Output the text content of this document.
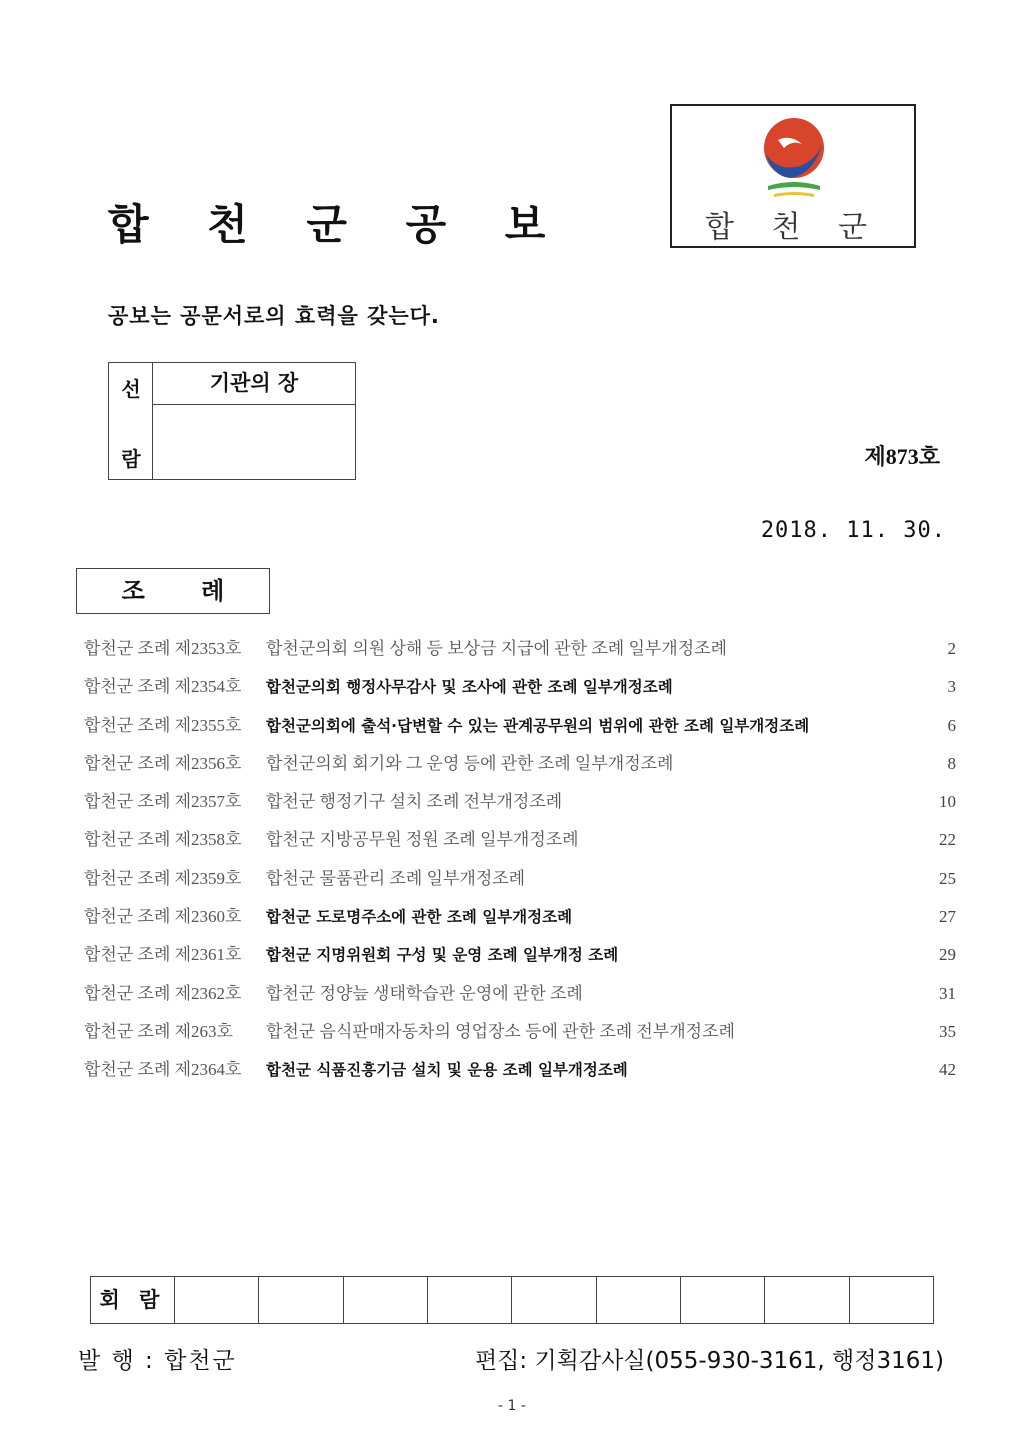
합 천 군 공 보	합 천 군
공보는 공문서로의 효력을 갖는다.
선
람
기관의 장
제873호
2018. 11. 30.
조 례
합천군 조례 제2353호 합천군의회 의원 상해 등 보상금 지급에 관한 조례 일부개정조례	2
합천군 조례 제2354호 합천군의회 행정사무감사 및 조사에 관한 조례 일부개정조례	3
합천군 조례 제2355호 합천군의회에 출석·답변할 수 있는 관계공무원의 범위에 관한 조례 일부개정조례	6
합천군 조례 제2356호 합천군의회 회기와 그 운영 등에 관한 조례 일부개정조례	8
합천군 조례 제2357호 합천군 행정기구 설치 조례 전부개정조례	10
합천군 조례 제2358호 합천군 지방공무원 정원 조례 일부개정조례	22
합천군 조례 제2359호 합천군 물품관리 조례 일부개정조례	25
합천군 조례 제2360호 합천군 도로명주소에 관한 조례 일부개정조례	27
합천군 조례 제2361호 합천군 지명위원회 구성 및 운영 조례 일부개정 조례	29
합천군 조례 제2362호 합천군 정양늪 생태학습관 운영에 관한 조례	31
합천군 조례 제263호 합천군 음식판매자동차의 영업장소 등에 관한 조례 전부개정조례	35
합천군 조례 제2364호 합천군 식품진흥기금 설치 및 운용 조례 일부개정조례	42
회 람
발 행 : 합천군	편집: 기획감사실(055-930-3161, 행정3161)
- 1 -
